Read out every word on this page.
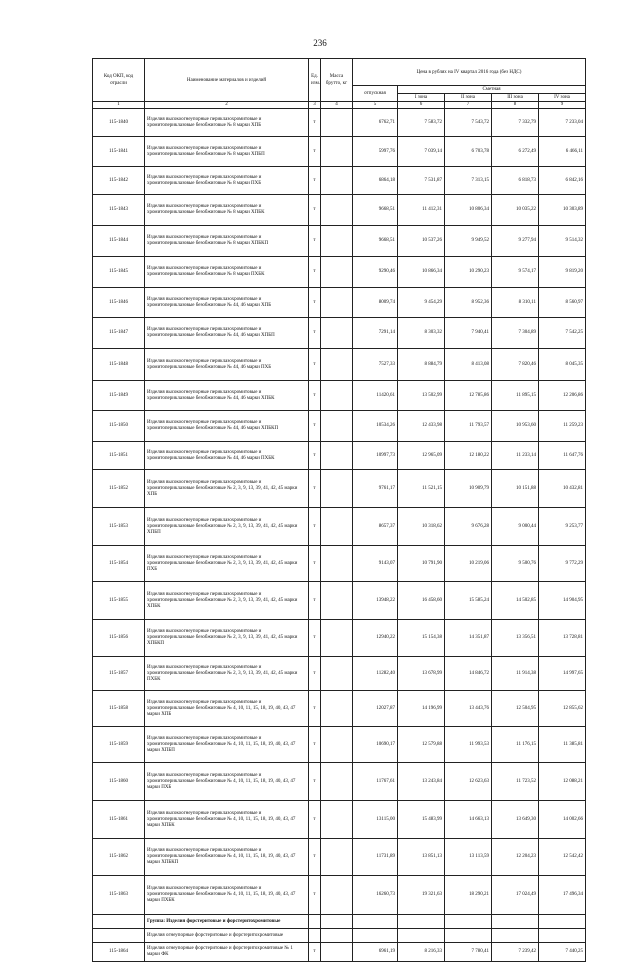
236
Код ОКП, код отрасли	Наименование материалов и изделий	Ед. изм.	Масса брутто, кг	Цена в рублях на IV квартал 2016 года (без НДС)				
				отпускная	Сметная			
					I зона	II зона	III зона	IV зона
1	2	3	4	5	6	7	8	9
115-1840	Изделия высокоогнеупорные периклазохромитовые и хромитопериклазовые безобжиговые № 8 марки ХПБ	т		6762,71	7 583,72	7 543,72	7 332,79	7 233,04
115-1841	Изделия высокоогнеупорные периклазохромитовые и хромитопериклазовые безобжиговые № 8 марки ХПБП	т		5997,76	7 039,14	6 703,78	6 272,49	6 466,11
115-1842	Изделия высокоогнеупорные периклазохромитовые и хромитопериклазовые безобжиговые № 8 марки ПХБ	т		6864,18	7 531,87	7 313,15	6 818,73	6 842,16
115-1843	Изделия высокоогнеупорные периклазохромитовые и хромитопериклазовые безобжиговые № 8 марки ХПБК	т		9668,51	11 412,31	10 806,34	10 035,22	10 303,89
115-1844	Изделия высокоогнеупорные периклазохромитовые и хромитопериклазовые безобжиговые № 8 марки ХПБКП	т		9668,51	10 537,26	9 949,52	9 277,94	9 514,32
115-1845	Изделия высокоогнеупорные периклазохромитовые и хромитопериклазовые безобжиговые № 8 марки ПХБК	т		9290,46	10 866,34	10 290,23	9 574,17	9 819,20
115-1846	Изделия высокоогнеупорные периклазохромитовые и хромитопериклазовые безобжиговые № 44, 46 марки ХПБ	т		8009,74	9 454,29	8 952,36	8 310,11	8 560,97
115-1847	Изделия высокоогнеупорные периклазохромитовые и хромитопериклазовые безобжиговые № 44, 46 марки ХПБП	т		7291,14	8 303,32	7 940,41	7 304,89	7 542,25
115-1848	Изделия высокоогнеупорные периклазохромитовые и хромитопериклазовые безобжиговые № 44, 46 марки ПХБ	т		7527,33	8 884,79	8 413,08	7 820,46	8 045,35
115-1849	Изделия высокоогнеупорные периклазохромитовые и хромитопериклазовые безобжиговые № 44, 46 марки ХПБК	т		11420,61	13 502,99	12 785,86	11 895,15	12 206,86
115-1850	Изделия высокоогнеупорные периклазохромитовые и хромитопериклазовые безобжиговые № 44, 46 марки ХПБКП	т		10534,26	12 433,98	11 793,57	10 953,60	11 259,23
115-1851	Изделия высокоогнеупорные периклазохромитовые и хромитопериклазовые безобжиговые № 44, 46 марки ПХБК	т		10997,73	12 965,09	12 180,22	11 233,14	11 647,76
115-1852	Изделия высокоогнеупорные периклазохромитовые и хромитопериклазовые безобжиговые № 2, 3, 9, 13, 39, 41, 42, 45 марки ХПБ	т		9761,17	11 521,15	10 909,79	10 151,88	10 432,81
115-1853	Изделия высокоогнеупорные периклазохромитовые и хромитопериклазовые безобжиговые № 2, 3, 9, 13, 39, 41, 42, 45 марки ХПБП	т		8657,37	10 318,62	9 676,28	9 000,44	9 253,77
115-1854	Изделия высокоогнеупорные периклазохромитовые и хромитопериклазовые безобжиговые № 2, 3, 9, 13, 39, 41, 42, 45 марки ПХБ	т		9143,07	10 791,90	10 219,06	9 500,76	9 772,29
115-1855	Изделия высокоогнеупорные периклазохромитовые и хромитопериклазовые безобжиговые № 2, 3, 9, 13, 39, 41, 42, 45 марки ХПБК	т		13948,22	16 458,60	15 585,24	14 502,85	14 904,95
115-1856	Изделия высокоогнеупорные периклазохромитовые и хромитопериклазовые безобжиговые № 2, 3, 9, 13, 39, 41, 42, 45 марки ХПБКП	т		12940,22	15 154,38	14 351,87	13 356,51	13 728,81
115-1857	Изделия высокоогнеупорные периклазохромитовые и хромитопериклазовые безобжиговые № 2, 3, 9, 13, 39, 41, 42, 45 марки ПХБК	т		11282,40	13 678,99	14 846,72	11 914,38	14 997,65
115-1858	Изделия высокоогнеупорные периклазохромитовые и хромитопериклазовые безобжиговые № 4, 10, 11, 15, 18, 19, 40, 43, 47 марки ХПБ	т		12027,87	14 196,99	13 443,76	12 504,95	12 855,62
115-1859	Изделия высокоогнеупорные периклазохромитовые и хромитопериклазовые безобжиговые № 4, 10, 11, 15, 18, 19, 40, 43, 47 марки ХПБП	т		10690,17	12 579,88	11 993,53	11 176,15	11 385,81
115-1860	Изделия высокоогнеупорные периклазохромитовые и хромитопериклазовые безобжиговые № 4, 10, 11, 15, 18, 19, 40, 43, 47 марки ПХБ	т		11767,61	13 243,84	12 623,63	11 723,52	12 088,21
115-1861	Изделия высокоогнеупорные периклазохромитовые и хромитопериклазовые безобжиговые № 4, 10, 11, 15, 18, 19, 40, 43, 47 марки ХПБК	т		13115,00	15 483,99	14 663,13	13 649,30	14 002,66
115-1862	Изделия высокоогнеупорные периклазохромитовые и хромитопериклазовые безобжиговые № 4, 10, 11, 15, 18, 19, 40, 43, 47 марки ХПБКП	т		11731,89	13 851,13	13 113,59	12 204,23	12 542,42
115-1863	Изделия высокоогнеупорные периклазохромитовые и хромитопериклазовые безобжиговые № 4, 10, 11, 15, 18, 19, 40, 43, 47 марки ПХБК	т		16260,73	19 321,63	18 290,21	17 024,49	17 496,34
	Группа: Изделия форстеритовые и форстеритохромитовые							
	Изделия огнеупорные форстеритовые и форстеритохромитовые							
115-1864	Изделия огнеупорные форстеритовые и форстеритохромитовые № 1 марки ФК	т		6961,19	8 216,33	7 780,41	7 239,42	7 440,25
